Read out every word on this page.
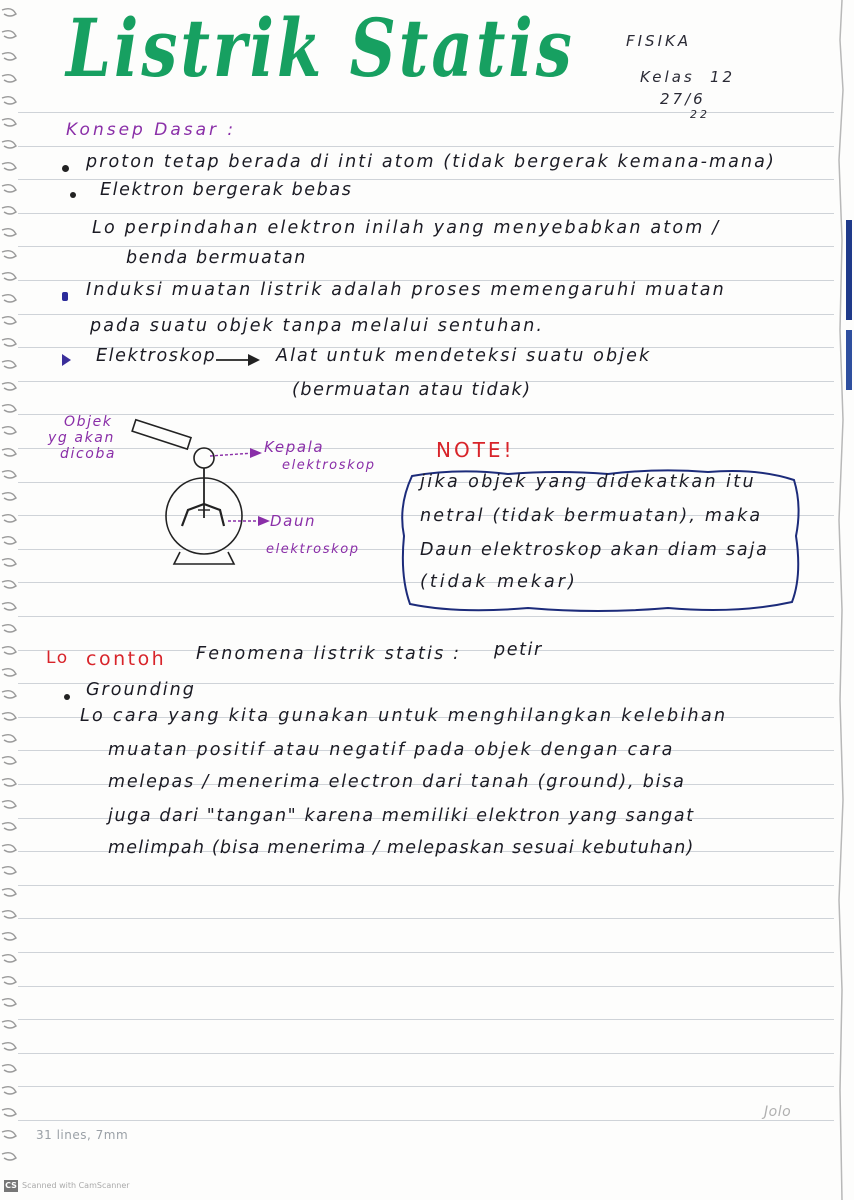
Listrik Statis	FISIKA
Kelas 12
27/6
22
Konsep Dasar :
proton tetap berada di inti atom (tidak bergerak kemana-mana)
Elektron bergerak bebas
Lo perpindahan elektron inilah yang menyebabkan atom /
benda bermuatan
Induksi muatan listrik adalah proses memengaruhi muatan
pada suatu objek tanpa melalui sentuhan.
Elektroskop	Alat untuk mendeteksi suatu objek
(bermuatan atau tidak)
Objek
yg akan
dicoba	Kepala
elektroskop
Daun
elektroskop
NOTE!
jika objek yang didekatkan itu
netral (tidak bermuatan), maka
Daun elektroskop akan diam saja
(tidak mekar)
Lo contoh Fenomena listrik statis : petir
Grounding
Lo cara yang kita gunakan untuk menghilangkan kelebihan
muatan positif atau negatif pada objek dengan cara
melepas / menerima electron dari tanah (ground), bisa
juga dari "tangan" karena memiliki elektron yang sangat
melimpah (bisa menerima / melepaskan sesuai kebutuhan)
31 lines, 7mm
Jolo
CS Scanned with CamScanner
